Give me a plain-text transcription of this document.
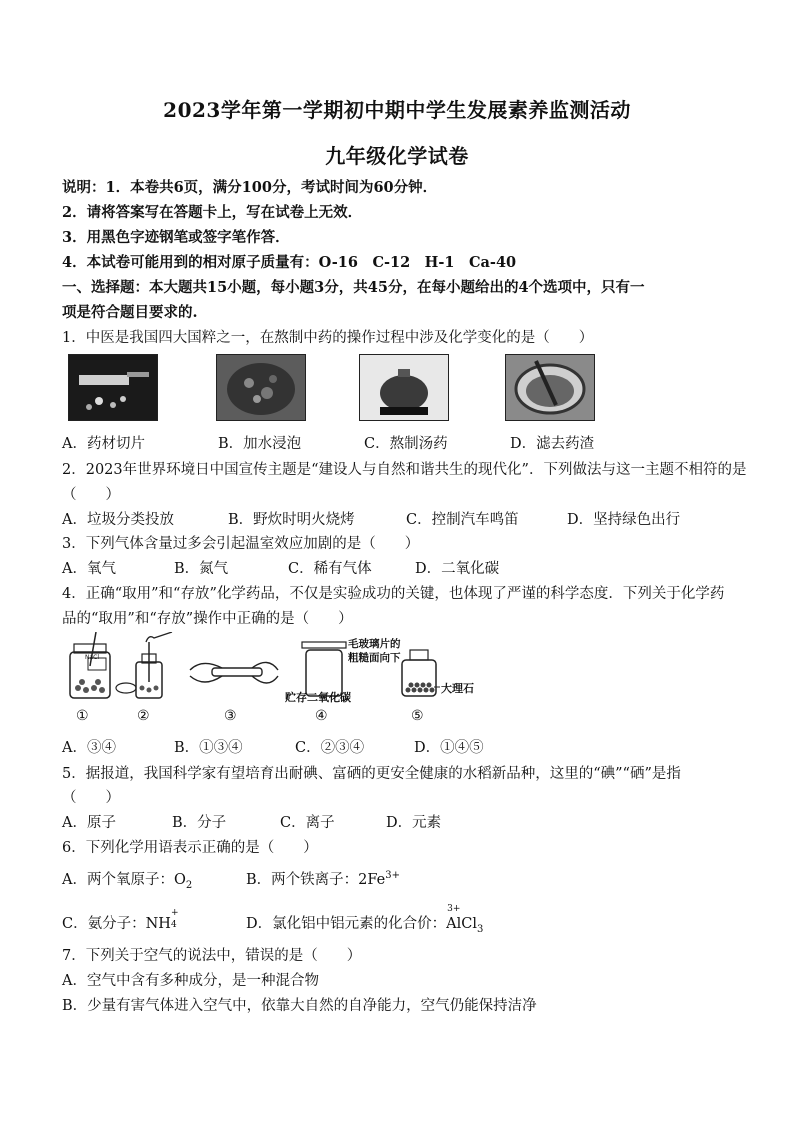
2023学年第一学期初中期中学生发展素养监测活动
九年级化学试卷
说明：1．本卷共6页，满分100分，考试时间为60分钟．
2．请将答案写在答题卡上，写在试卷上无效．
3．用黑色字迹钢笔或签字笔作答．
4．本试卷可能用到的相对原子质量有：O-16　C-12　H-1　Ca-40
一、选择题：本大题共15小题，每小题3分，共45分，在每小题给出的4个选项中，只有一
项是符合题目要求的.
1．中医是我国四大国粹之一，在熬制中药的操作过程中涉及化学变化的是（　　）
A．药材切片	B．加水浸泡	C．熬制汤药	D．滤去药渣
2．2023年世界环境日中国宣传主题是“建设人与自然和谐共生的现代化”．下列做法与这一主题不相符的是
（　　）
A．垃圾分类投放	B．野炊时明火烧烤	C．控制汽车鸣笛	D．坚持绿色出行
3．下列气体含量过多会引起温室效应加剧的是（　　）
A．氧气	B．氮气	C．稀有气体	D．二氧化碳
4．正确“取用”和“存放”化学药品，不仅是实验成功的关键，也体现了严谨的科学态度．下列关于化学药
品的“取用”和“存放”操作中正确的是（　　）
NaCl
毛玻璃片的
粗糙面向下
贮存二氧化碳
大理石
①	②	③	④	⑤
A．③④	B．①③④	C．②③④	D．①④⑤
5．据报道，我国科学家有望培育出耐碘、富硒的更安全健康的水稻新品种，这里的“碘”“硒”是指
（　　）
A．原子	B．分子	C．离子	D．元素
6．下列化学用语表示正确的是（　　）
A．两个氧原子：$O_2$	B．两个铁离子：$2Fe^{3+}$
C．氨分子：NH
+
4	D．氯化铝中铝元素的化合价：
3+
AlCl$_3$
7．下列关于空气的说法中，错误的是（　　）
A．空气中含有多种成分，是一种混合物
B．少量有害气体进入空气中，依靠大自然的自净能力，空气仍能保持洁净
